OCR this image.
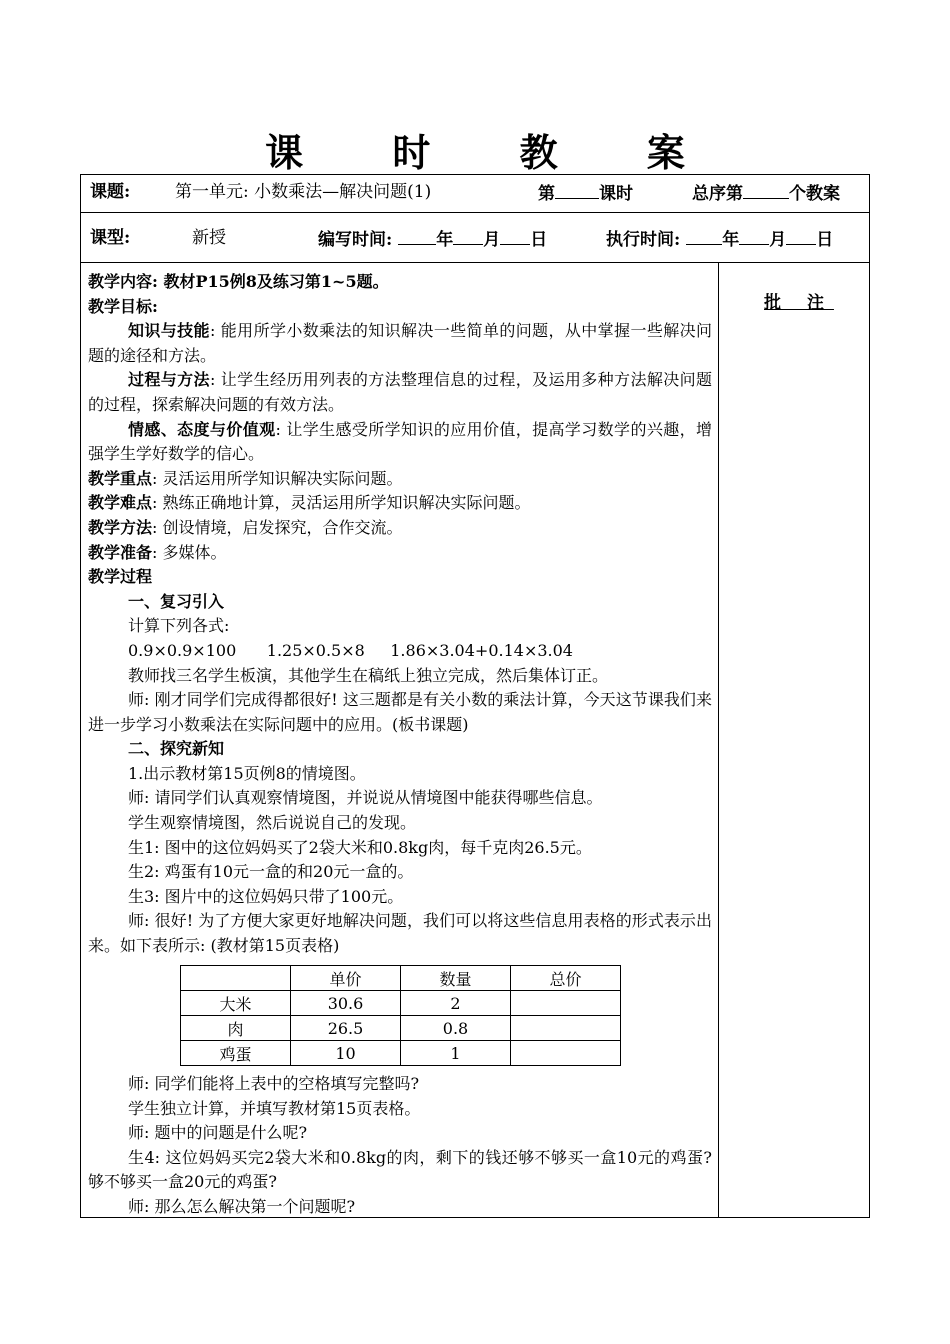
课 时 教 案
课题:	第一单元: 小数乘法—解决问题(1)	第	课时	总序第	个教案
课型:	新授	编写时间:	年 月 日	执行时间: 年 月 日
批 注

教学内容: 教材P15例8及练习第1~5题。

教学目标:

知识与技能: 能用所学小数乘法的知识解决一些简单的问题，从中掌握一些解决问题的途径和方法。

过程与方法: 让学生经历用列表的方法整理信息的过程，及运用多种方法解决问题的过程，探索解决问题的有效方法。

情感、态度与价值观: 让学生感受所学知识的应用价值，提高学习数学的兴趣，增强学生学好数学的信心。

教学重点: 灵活运用所学知识解决实际问题。

教学难点: 熟练正确地计算，灵活运用所学知识解决实际问题。

教学方法: 创设情境，启发探究，合作交流。

教学准备: 多媒体。

教学过程

一、复习引入

计算下列各式:

0.9×0.9×100      1.25×0.5×8     1.86×3.04+0.14×3.04

教师找三名学生板演，其他学生在稿纸上独立完成，然后集体订正。

师: 刚才同学们完成得都很好! 这三题都是有关小数的乘法计算，今天这节课我们来进一步学习小数乘法在实际问题中的应用。(板书课题)

二、探究新知

1.出示教材第15页例8的情境图。

师: 请同学们认真观察情境图，并说说从情境图中能获得哪些信息。

学生观察情境图，然后说说自己的发现。

生1: 图中的这位妈妈买了2袋大米和0.8kg肉，每千克肉26.5元。

生2: 鸡蛋有10元一盒的和20元一盒的。

生3: 图片中的这位妈妈只带了100元。

师: 很好! 为了方便大家更好地解决问题，我们可以将这些信息用表格的形式表示出来。如下表所示: (教材第15页表格)

	单价	数量	总价
大米	30.6	2	
肉	26.5	0.8	
鸡蛋	10	1	

师: 同学们能将上表中的空格填写完整吗?

学生独立计算，并填写教材第15页表格。

师: 题中的问题是什么呢?

生4: 这位妈妈买完2袋大米和0.8kg的肉，剩下的钱还够不够买一盒10元的鸡蛋? 够不够买一盒20元的鸡蛋?

师: 那么怎么解决第一个问题呢?
